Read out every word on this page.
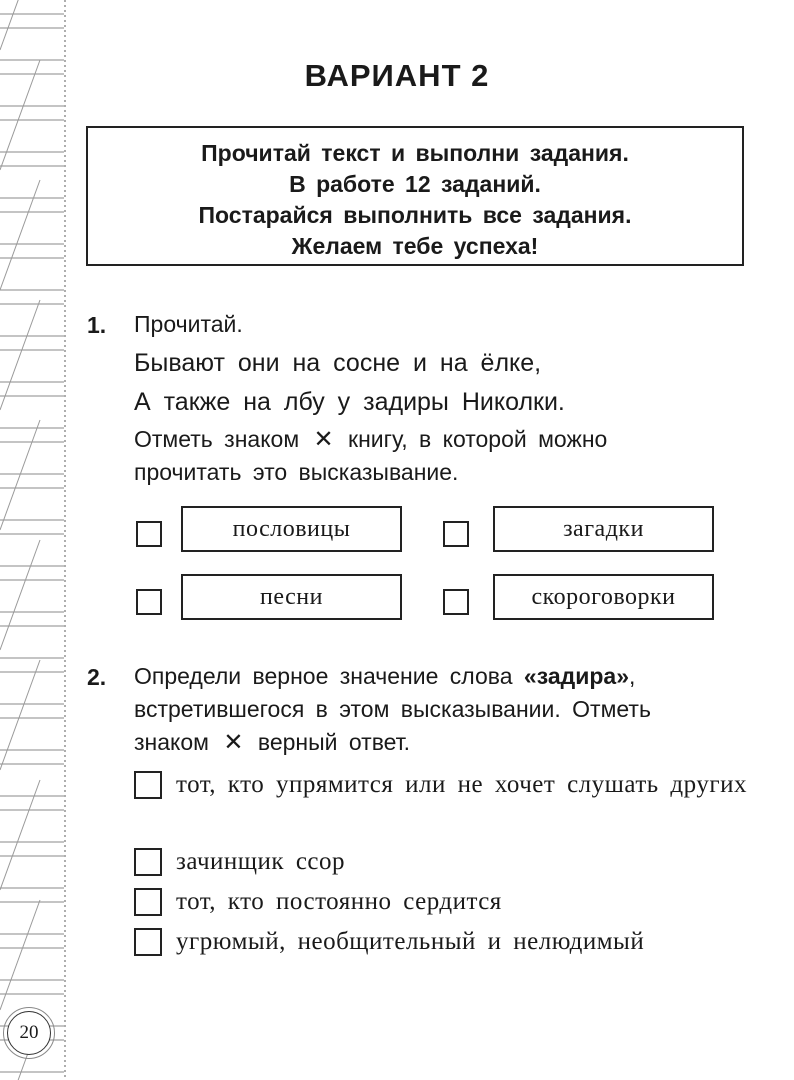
ВАРИАНТ 2
Прочитай текст и выполни задания.
В работе 12 заданий.
Постарайся выполнить все задания.
Желаем тебе успеха!
1. Прочитай.
Бывают они на сосне и на ёлке,
А также на лбу у задиры Николки.
Отметь знаком ✕ книгу, в которой можно
прочитать это высказывание.
пословицы	загадки
песни	скороговорки
2. Определи верное значение слова «задира»,
встретившегося в этом высказывании. Отметь
знаком ✕ верный ответ.
тот, кто упрямится или не хочет слушать других
зачинщик ссор
тот, кто постоянно сердится
угрюмый, необщительный и нелюдимый
20
